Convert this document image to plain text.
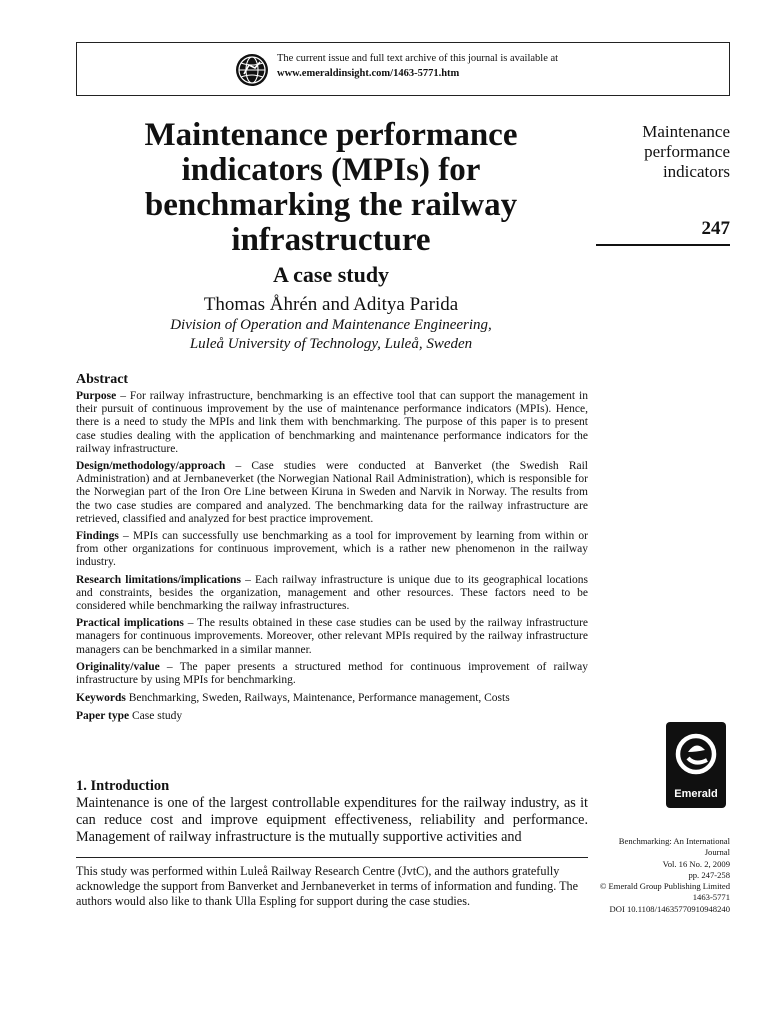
The current issue and full text archive of this journal is available at
www.emeraldinsight.com/1463-5771.htm
Maintenance
performance
indicators
247
Maintenance performance
indicators (MPIs) for
benchmarking the railway
infrastructure
A case study
Thomas Åhrén and Aditya Parida
Division of Operation and Maintenance Engineering,
Luleå University of Technology, Luleå, Sweden
Abstract

Purpose – For railway infrastructure, benchmarking is an effective tool that can support the management in their pursuit of continuous improvement by the use of maintenance performance indicators (MPIs). Hence, there is a need to study the MPIs and link them with benchmarking. The purpose of this paper is to present case studies dealing with the application of benchmarking and maintenance performance indicators for the railway infrastructure.

Design/methodology/approach – Case studies were conducted at Banverket (the Swedish Rail Administration) and at Jernbaneverket (the Norwegian National Rail Administration), which is responsible for the Norwegian part of the Iron Ore Line between Kiruna in Sweden and Narvik in Norway. The results from the two case studies are compared and analyzed. The benchmarking data for the railway infrastructure are retrieved, classified and analyzed for best practice improvement.

Findings – MPIs can successfully use benchmarking as a tool for improvement by learning from within or from other organizations for continuous improvement, which is a rather new phenomenon in the railway industry.

Research limitations/implications – Each railway infrastructure is unique due to its geographical locations and constraints, besides the organization, management and other resources. These factors need to be considered while benchmarking the railway infrastructures.

Practical implications – The results obtained in these case studies can be used by the railway infrastructure managers for continuous improvements. Moreover, other relevant MPIs required by the railway infrastructure managers can be benchmarked in a similar manner.

Originality/value – The paper presents a structured method for continuous improvement of railway infrastructure by using MPIs for benchmarking.

Keywords Benchmarking, Sweden, Railways, Maintenance, Performance management, Costs

Paper type Case study

Emerald
1. Introduction

Maintenance is one of the largest controllable expenditures for the railway industry, as it can reduce cost and improve equipment effectiveness, reliability and performance. Management of railway infrastructure is the mutually supportive activities and	Benchmarking: An International
Journal
Vol. 16 No. 2, 2009
pp. 247-258
© Emerald Group Publishing Limited
1463-5771
DOI 10.1108/14635770910948240

This study was performed within Luleå Railway Research Centre (JvtC), and the authors gratefully acknowledge the support from Banverket and Jernbaneverket in terms of information and funding. The authors would also like to thank Ulla Espling for support during the case studies.
